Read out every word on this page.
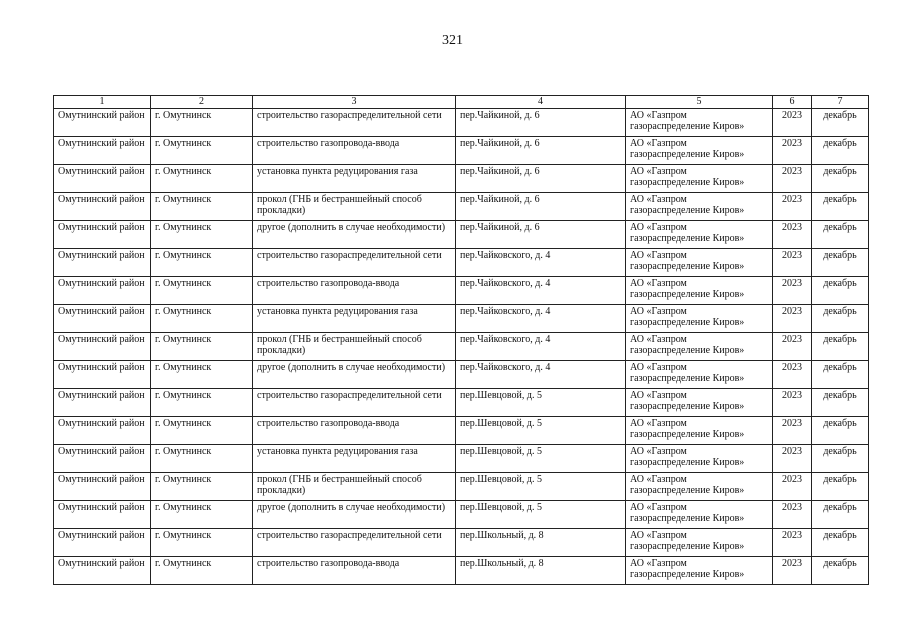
321
1	2	3	4	5	6	7
Омутнинский район	г. Омутнинск	строительство газораспределительной сети	пер.Чайкиной, д. 6	АО «Газпром газораспределение Киров»	2023	декабрь
Омутнинский район	г. Омутнинск	строительство газопровода-ввода	пер.Чайкиной, д. 6	АО «Газпром газораспределение Киров»	2023	декабрь
Омутнинский район	г. Омутнинск	установка пункта редуцирования газа	пер.Чайкиной, д. 6	АО «Газпром газораспределение Киров»	2023	декабрь
Омутнинский район	г. Омутнинск	прокол (ГНБ и бестраншейный способ прокладки)	пер.Чайкиной, д. 6	АО «Газпром газораспределение Киров»	2023	декабрь
Омутнинский район	г. Омутнинск	другое (дополнить в случае необходимости)	пер.Чайкиной, д. 6	АО «Газпром газораспределение Киров»	2023	декабрь
Омутнинский район	г. Омутнинск	строительство газораспределительной сети	пер.Чайковского, д. 4	АО «Газпром газораспределение Киров»	2023	декабрь
Омутнинский район	г. Омутнинск	строительство газопровода-ввода	пер.Чайковского, д. 4	АО «Газпром газораспределение Киров»	2023	декабрь
Омутнинский район	г. Омутнинск	установка пункта редуцирования газа	пер.Чайковского, д. 4	АО «Газпром газораспределение Киров»	2023	декабрь
Омутнинский район	г. Омутнинск	прокол (ГНБ и бестраншейный способ прокладки)	пер.Чайковского, д. 4	АО «Газпром газораспределение Киров»	2023	декабрь
Омутнинский район	г. Омутнинск	другое (дополнить в случае необходимости)	пер.Чайковского, д. 4	АО «Газпром газораспределение Киров»	2023	декабрь
Омутнинский район	г. Омутнинск	строительство газораспределительной сети	пер.Шевцовой, д. 5	АО «Газпром газораспределение Киров»	2023	декабрь
Омутнинский район	г. Омутнинск	строительство газопровода-ввода	пер.Шевцовой, д. 5	АО «Газпром газораспределение Киров»	2023	декабрь
Омутнинский район	г. Омутнинск	установка пункта редуцирования газа	пер.Шевцовой, д. 5	АО «Газпром газораспределение Киров»	2023	декабрь
Омутнинский район	г. Омутнинск	прокол (ГНБ и бестраншейный способ прокладки)	пер.Шевцовой, д. 5	АО «Газпром газораспределение Киров»	2023	декабрь
Омутнинский район	г. Омутнинск	другое (дополнить в случае необходимости)	пер.Шевцовой, д. 5	АО «Газпром газораспределение Киров»	2023	декабрь
Омутнинский район	г. Омутнинск	строительство газораспределительной сети	пер.Школьный, д. 8	АО «Газпром газораспределение Киров»	2023	декабрь
Омутнинский район	г. Омутнинск	строительство газопровода-ввода	пер.Школьный, д. 8	АО «Газпром газораспределение Киров»	2023	декабрь
